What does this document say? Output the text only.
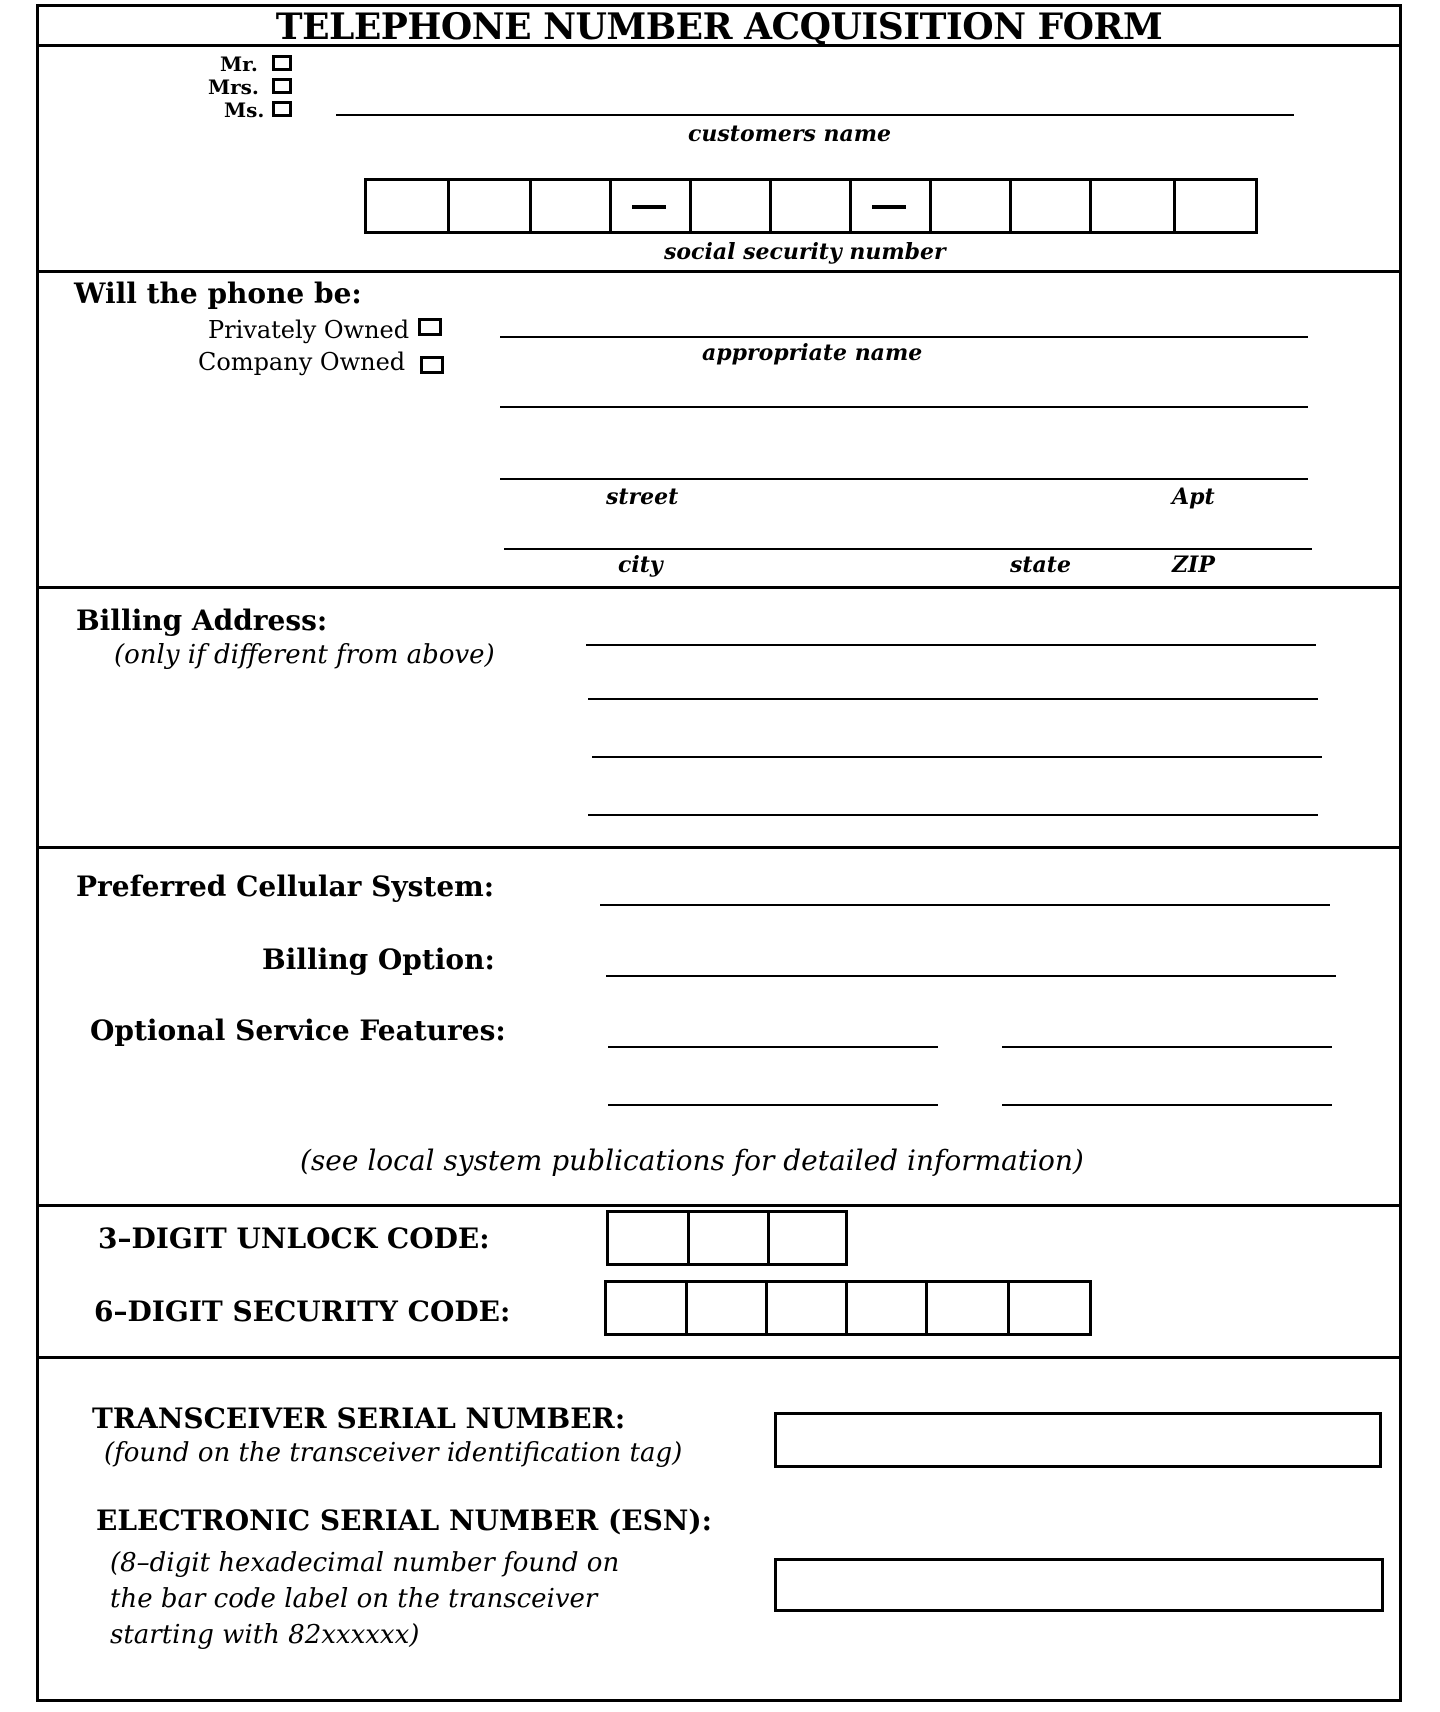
TELEPHONE NUMBER ACQUISITION FORM
Mr.
Mrs.
Ms.
customers name
social security number
Will the phone be:
Privately Owned
Company Owned	appropriate name
street	Apt
city	state	ZIP
Billing Address:
(only if different from above)
Preferred Cellular System:
Billing Option:
Optional Service Features:
(see local system publications for detailed information)
3–DIGIT UNLOCK CODE:
6–DIGIT SECURITY CODE:
TRANSCEIVER SERIAL NUMBER:
(found on the transceiver identification tag)
ELECTRONIC SERIAL NUMBER (ESN):
(8–digit hexadecimal number found on
the bar code label on the transceiver
starting with 82xxxxxx)
